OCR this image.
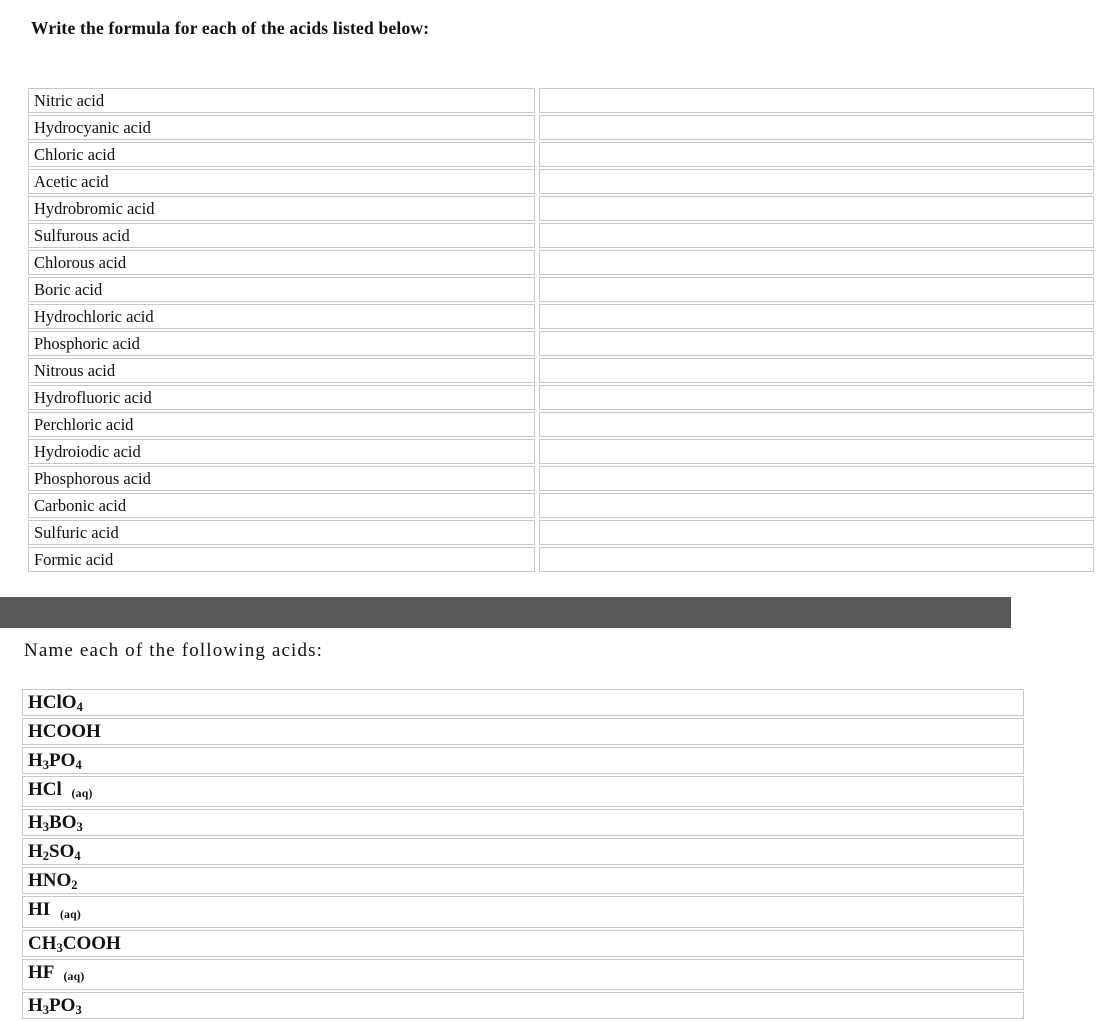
Write the formula for each of the acids listed below:
Nitric acid	
Hydrocyanic acid	
Chloric acid	
Acetic acid	
Hydrobromic acid	
Sulfurous acid	
Chlorous acid	
Boric acid	
Hydrochloric acid	
Phosphoric acid	
Nitrous acid	
Hydrofluoric acid	
Perchloric acid	
Hydroiodic acid	
Phosphorous acid	
Carbonic acid	
Sulfuric acid	
Formic acid	
Name each of the following acids:
HClO$_4$
HCOOH
$H_3PO_4$
HCl (aq)
$H_3BO_3$
$H_2SO_4$
$HNO_2$
HI (aq)
$CH_3COOH$
HF (aq)
$H_3PO_3$
